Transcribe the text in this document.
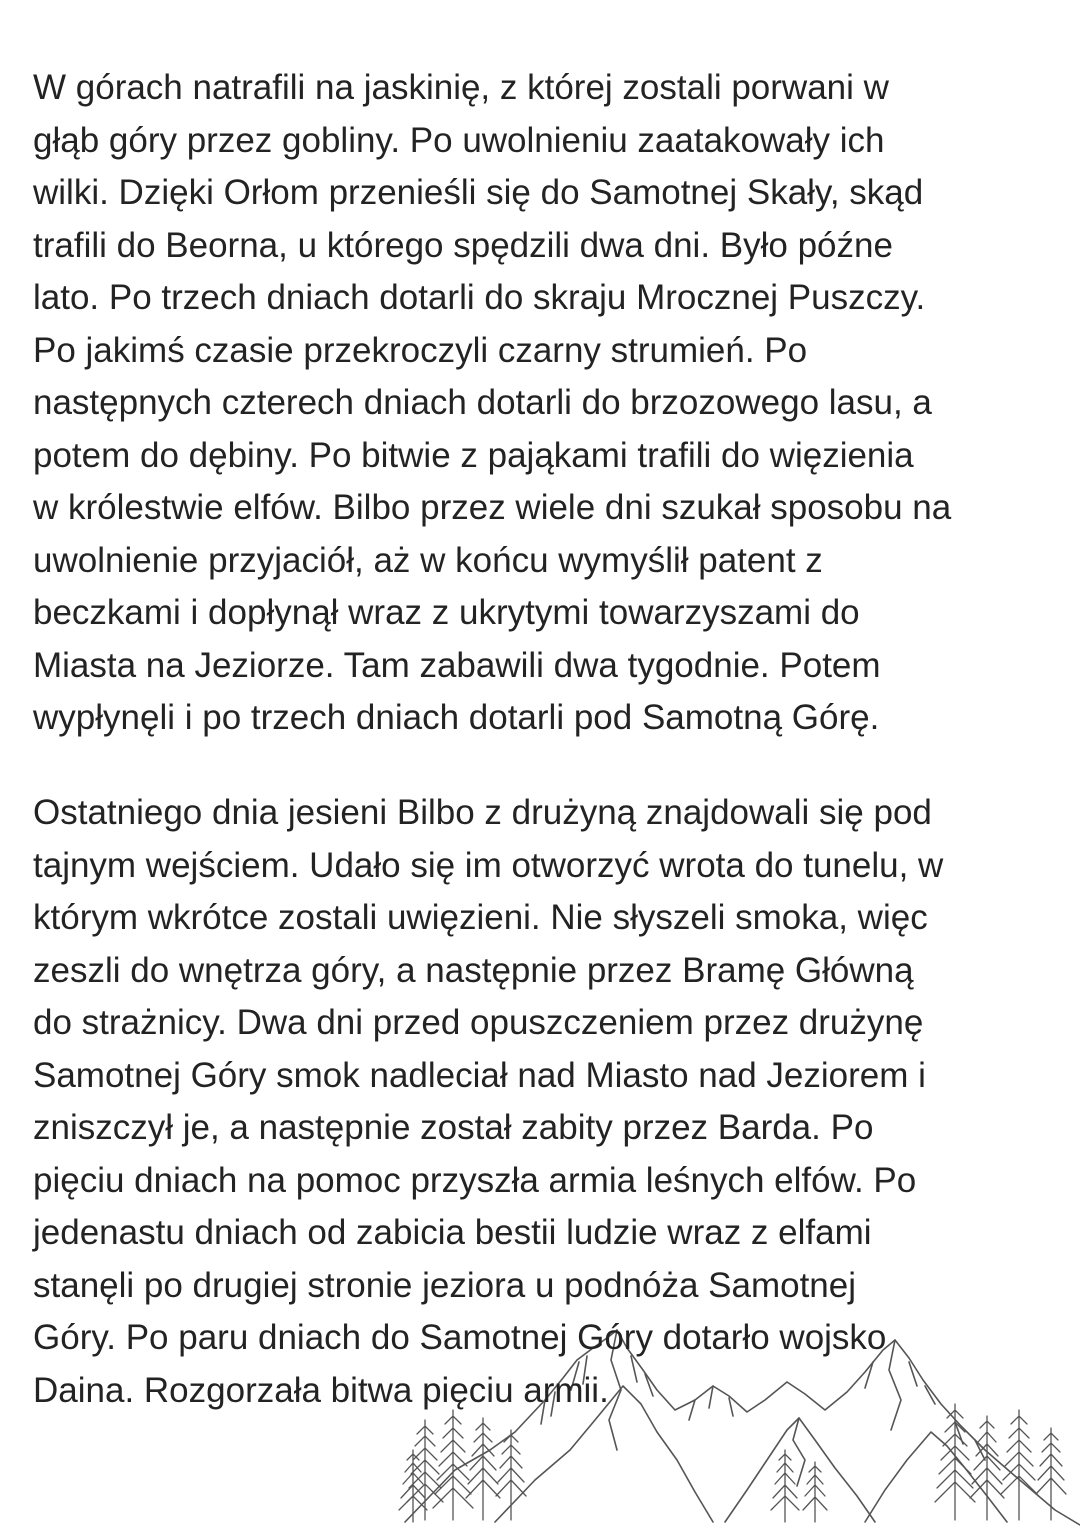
W górach natrafili na jaskinię, z której zostali porwani w
głąb góry przez gobliny. Po uwolnieniu zaatakowały ich
wilki. Dzięki Orłom przenieśli się do Samotnej Skały, skąd
trafili do Beorna, u którego spędzili dwa dni. Było późne
lato. Po trzech dniach dotarli do skraju Mrocznej Puszczy.
Po jakimś czasie przekroczyli czarny strumień. Po
następnych czterech dniach dotarli do brzozowego lasu, a
potem do dębiny. Po bitwie z pająkami trafili do więzienia
w królestwie elfów. Bilbo przez wiele dni szukał sposobu na
uwolnienie przyjaciół, aż w końcu wymyślił patent z
beczkami i dopłynął wraz z ukrytymi towarzyszami do
Miasta na Jeziorze. Tam zabawili dwa tygodnie. Potem
wypłynęli i po trzech dniach dotarli pod Samotną Górę.
Ostatniego dnia jesieni Bilbo z drużyną znajdowali się pod
tajnym wejściem. Udało się im otworzyć wrota do tunelu, w
którym wkrótce zostali uwięzieni. Nie słyszeli smoka, więc
zeszli do wnętrza góry, a następnie przez Bramę Główną
do strażnicy. Dwa dni przed opuszczeniem przez drużynę
Samotnej Góry smok nadleciał nad Miasto nad Jeziorem i
zniszczył je, a następnie został zabity przez Barda. Po
pięciu dniach na pomoc przyszła armia leśnych elfów. Po
jedenastu dniach od zabicia bestii ludzie wraz z elfami
stanęli po drugiej stronie jeziora u podnóża Samotnej
Góry. Po paru dniach do Samotnej Góry dotarło wojsko
Daina. Rozgorzała bitwa pięciu armii.
